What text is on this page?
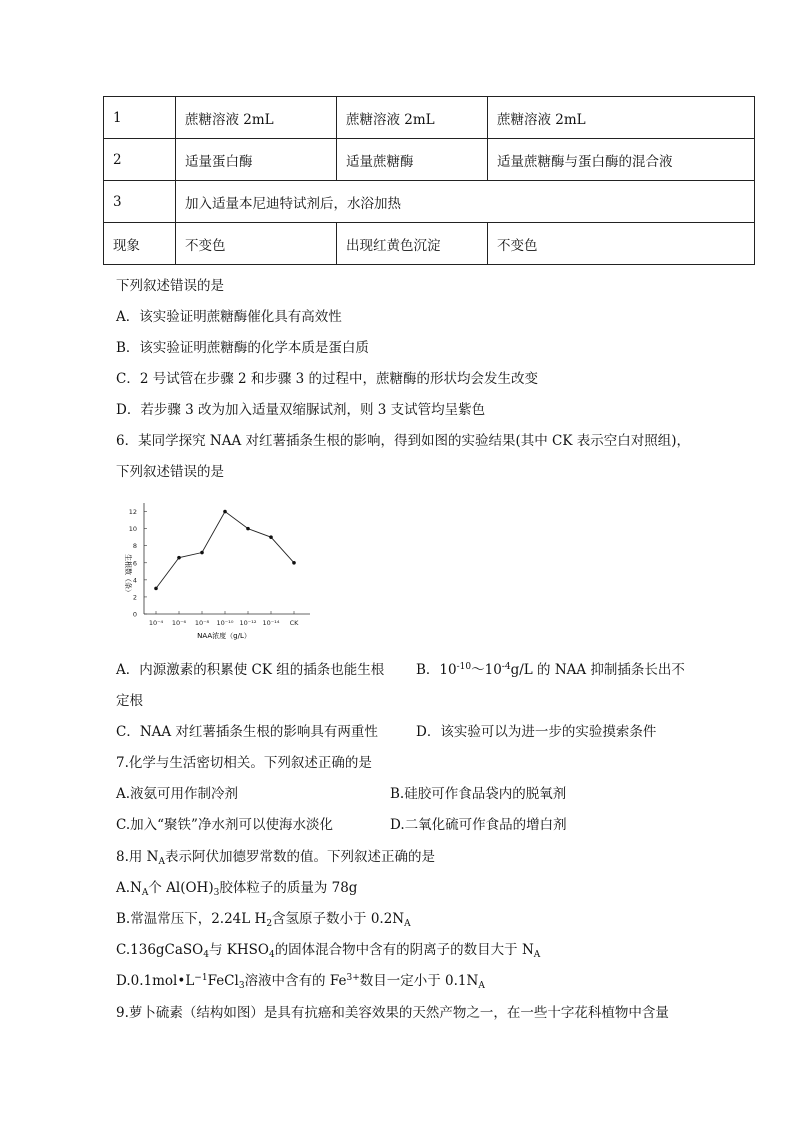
1	蔗糖溶液 2mL	蔗糖溶液 2mL	蔗糖溶液 2mL
2	适量蛋白酶	适量蔗糖酶	适量蔗糖酶与蛋白酶的混合液
3	加入适量本尼迪特试剂后，水浴加热		
现象	不变色	出现红黄色沉淀	不变色
下列叙述错误的是
A．该实验证明蔗糖酶催化具有高效性
B．该实验证明蔗糖酶的化学本质是蛋白质
C．2 号试管在步骤 2 和步骤 3 的过程中，蔗糖酶的形状均会发生改变
D．若步骤 3 改为加入适量双缩脲试剂，则 3 支试管均呈紫色
6．某同学探究 NAA 对红薯插条生根的影响，得到如图的实验结果(其中 CK 表示空白对照组)，
下列叙述错误的是
0
2
4
6
8
10
12
10⁻⁴ 10⁻⁶ 10⁻⁸ 10⁻¹⁰ 10⁻¹² 10⁻¹⁴ CK
生根数（条）
NAA浓度（g/L）
A．内源激素的积累使 CK 组的插条也能生根 B．$10^{-10}\sim 10^{-4}g/L$ 的 NAA 抑制插条长出不
定根
C．NAA 对红薯插条生根的影响具有两重性	D．该实验可以为进一步的实验摸索条件
7.化学与生活密切相关。下列叙述正确的是
A.液氨可用作制冷剂	B.硅胶可作食品袋内的脱氧剂
C.加入“聚铁”净水剂可以使海水淡化	D.二氧化硫可作食品的增白剂
8.用 $N_A$表示阿伏加德罗常数的值。下列叙述正确的是
$A.N_A$个 $Al(OH)_3$胶体粒子的质量为 78g
B.常温常压下，2.24L $H_2$含氢原子数小于 $0.2N_A$
C.136gCaSO$_4$与 $KHSO_4$的固体混合物中含有的阴离子的数目大于 $N_A$
$D.0.1mol•L^{-1}FeCl_3$溶液中含有的 $Fe^{3+}$数目一定小于 $0.1N_A$
9.萝卜硫素（结构如图）是具有抗癌和美容效果的天然产物之一，在一些十字花科植物中含量
